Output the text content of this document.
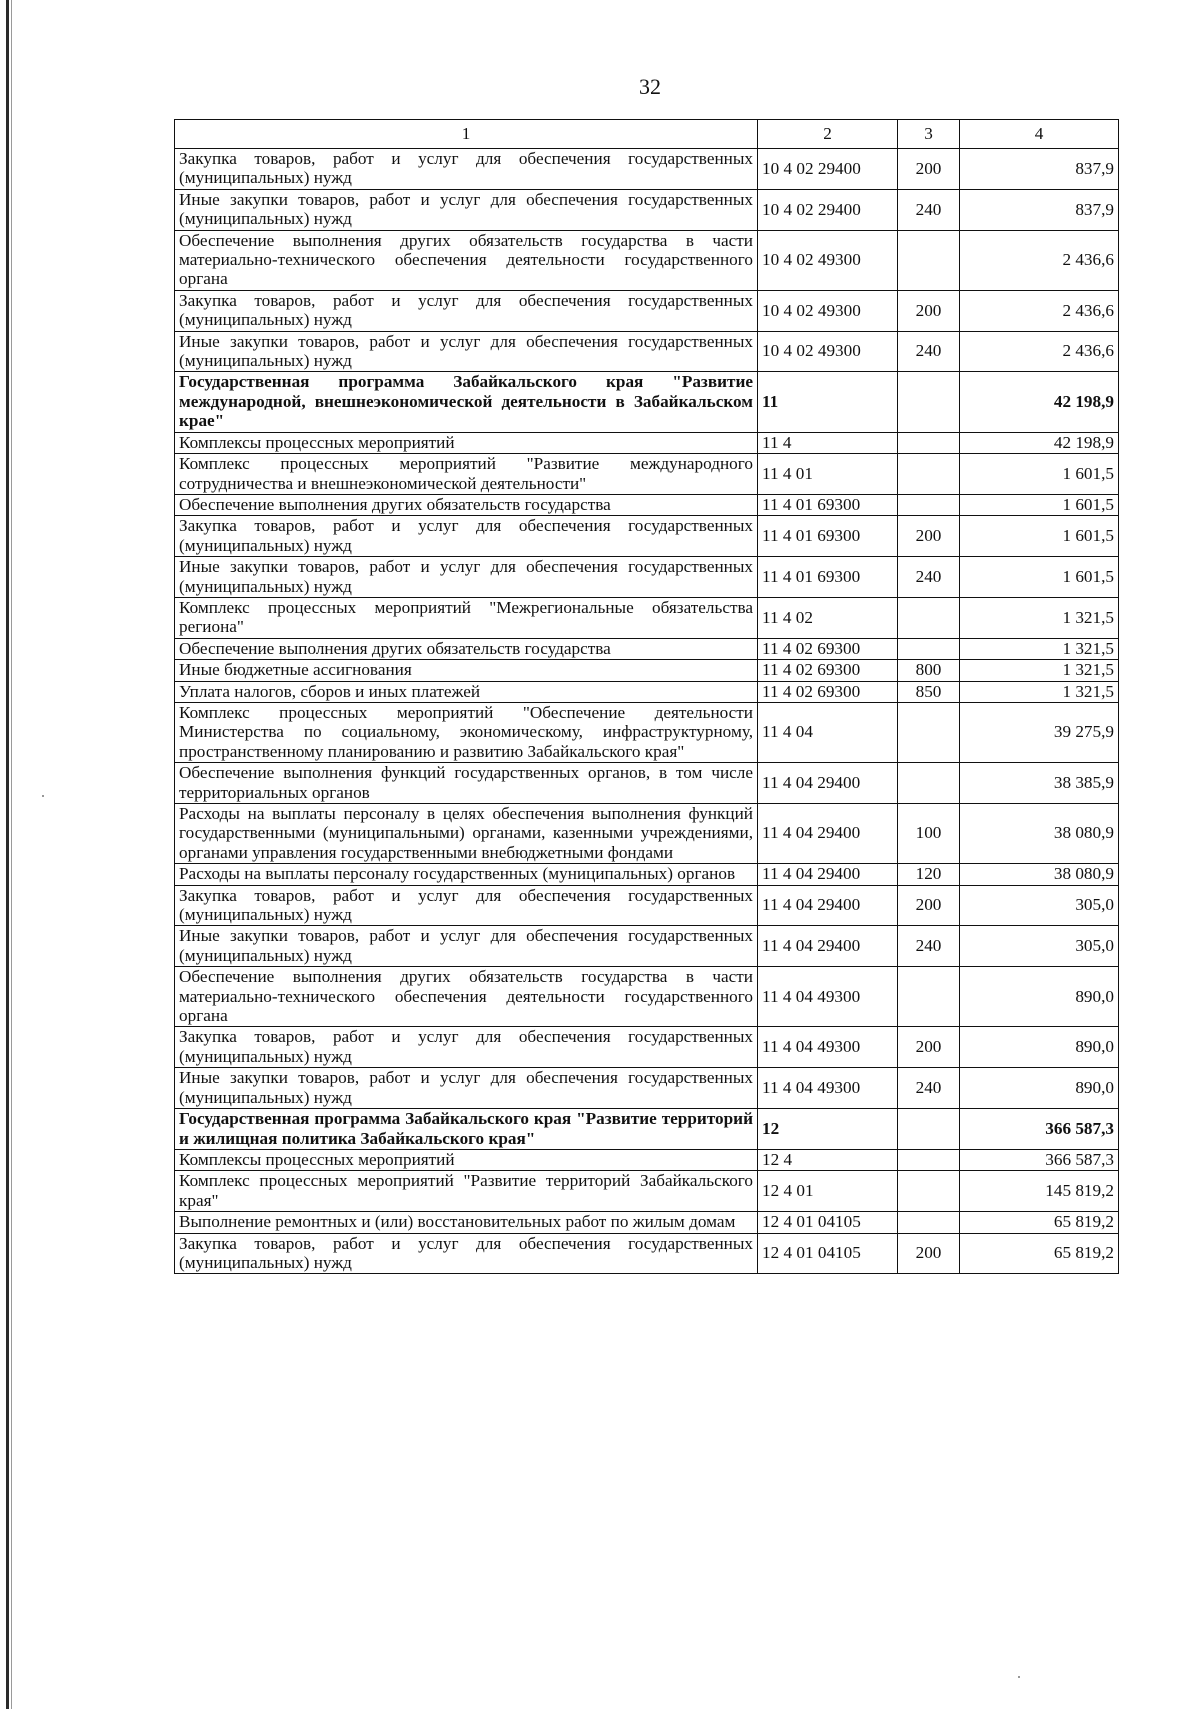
32
1	2	3	4
Закупка товаров, работ и услуг для обеспечения государственных (муниципальных) нужд	10 4 02 29400	200	837,9
Иные закупки товаров, работ и услуг для обеспечения государственных (муниципальных) нужд	10 4 02 29400	240	837,9
Обеспечение выполнения других обязательств государства в части материально-технического обеспечения деятельности государственного органа	10 4 02 49300		2 436,6
Закупка товаров, работ и услуг для обеспечения государственных (муниципальных) нужд	10 4 02 49300	200	2 436,6
Иные закупки товаров, работ и услуг для обеспечения государственных (муниципальных) нужд	10 4 02 49300	240	2 436,6
Государственная программа Забайкальского края "Развитие международной, внешнеэкономической деятельности в Забайкальском крае"	11		42 198,9
Комплексы процессных мероприятий	11 4		42 198,9
Комплекс процессных мероприятий "Развитие международного сотрудничества и внешнеэкономической деятельности"	11 4 01		1 601,5
Обеспечение выполнения других обязательств государства	11 4 01 69300		1 601,5
Закупка товаров, работ и услуг для обеспечения государственных (муниципальных) нужд	11 4 01 69300	200	1 601,5
Иные закупки товаров, работ и услуг для обеспечения государственных (муниципальных) нужд	11 4 01 69300	240	1 601,5
Комплекс процессных мероприятий "Межрегиональные обязательства региона"	11 4 02		1 321,5
Обеспечение выполнения других обязательств государства	11 4 02 69300		1 321,5
Иные бюджетные ассигнования	11 4 02 69300	800	1 321,5
Уплата налогов, сборов и иных платежей	11 4 02 69300	850	1 321,5
Комплекс процессных мероприятий "Обеспечение деятельности Министерства по социальному, экономическому, инфраструктурному, пространственному планированию и развитию Забайкальского края"	11 4 04		39 275,9
Обеспечение выполнения функций государственных органов, в том числе территориальных органов	11 4 04 29400		38 385,9
Расходы на выплаты персоналу в целях обеспечения выполнения функций государственными (муниципальными) органами, казенными учреждениями, органами управления государственными внебюджетными фондами	11 4 04 29400	100	38 080,9
Расходы на выплаты персоналу государственных (муниципальных) органов	11 4 04 29400	120	38 080,9
Закупка товаров, работ и услуг для обеспечения государственных (муниципальных) нужд	11 4 04 29400	200	305,0
Иные закупки товаров, работ и услуг для обеспечения государственных (муниципальных) нужд	11 4 04 29400	240	305,0
Обеспечение выполнения других обязательств государства в части материально-технического обеспечения деятельности государственного органа	11 4 04 49300		890,0
Закупка товаров, работ и услуг для обеспечения государственных (муниципальных) нужд	11 4 04 49300	200	890,0
Иные закупки товаров, работ и услуг для обеспечения государственных (муниципальных) нужд	11 4 04 49300	240	890,0
Государственная программа Забайкальского края "Развитие территорий и жилищная политика Забайкальского края"	12		366 587,3
Комплексы процессных мероприятий	12 4		366 587,3
Комплекс процессных мероприятий "Развитие территорий Забайкальского края"	12 4 01		145 819,2
Выполнение ремонтных и (или) восстановительных работ по жилым домам	12 4 01 04105		65 819,2
Закупка товаров, работ и услуг для обеспечения государственных (муниципальных) нужд	12 4 01 04105	200	65 819,2
